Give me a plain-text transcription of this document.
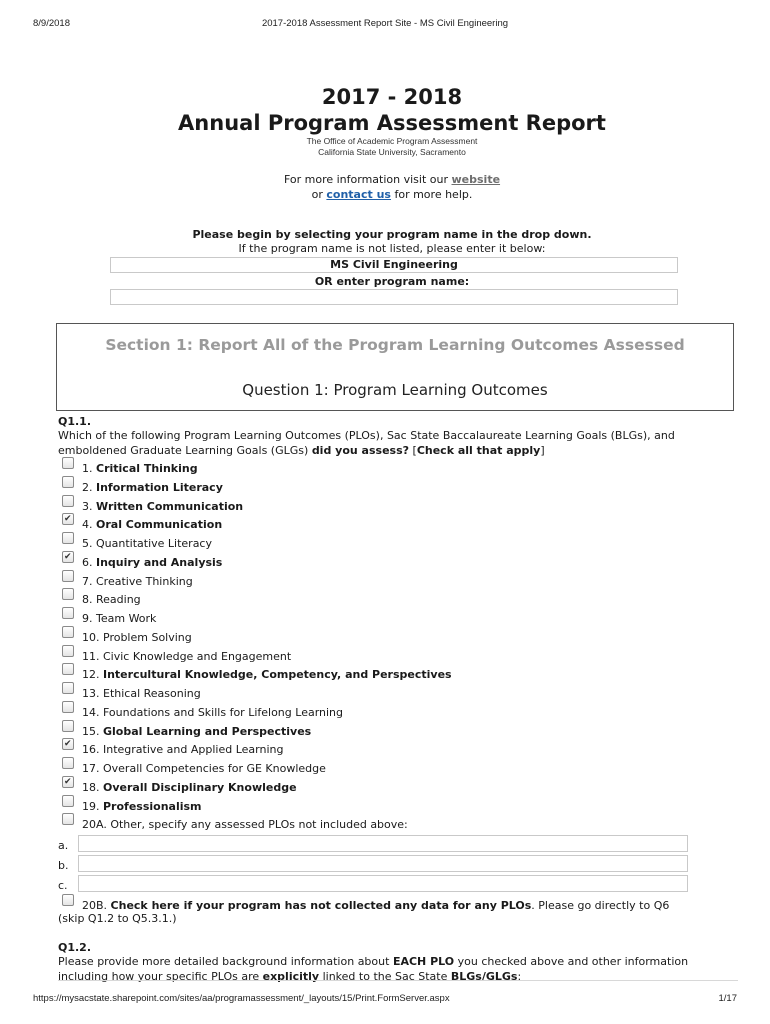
8/9/2018	2017-2018 Assessment Report Site - MS Civil Engineering
2017 - 2018
Annual Program Assessment Report
The Office of Academic Program Assessment
California State University, Sacramento
For more information visit our website
or contact us for more help.
Please begin by selecting your program name in the drop down.
If the program name is not listed, please enter it below:
MS Civil Engineering
OR enter program name:
Section 1: Report All of the Program Learning Outcomes Assessed
Question 1: Program Learning Outcomes
Q1.1.
Which of the following Program Learning Outcomes (PLOs), Sac State Baccalaureate Learning Goals (BLGs), and
emboldened Graduate Learning Goals (GLGs) did you assess? [Check all that apply]
1. Critical Thinking
2. Information Literacy
3. Written Communication
✔4. Oral Communication
5. Quantitative Literacy
✔6. Inquiry and Analysis
7. Creative Thinking
8. Reading
9. Team Work
10. Problem Solving
11. Civic Knowledge and Engagement
12. Intercultural Knowledge, Competency, and Perspectives
13. Ethical Reasoning
14. Foundations and Skills for Lifelong Learning
15. Global Learning and Perspectives
✔16. Integrative and Applied Learning
17. Overall Competencies for GE Knowledge
✔18. Overall Disciplinary Knowledge
19. Professionalism
20A. Other, specify any assessed PLOs not included above:
a.
b.
c.
20B. Check here if your program has not collected any data for any PLOs. Please go directly to Q6
(skip Q1.2 to Q5.3.1.)
Q1.2.
Please provide more detailed background information about EACH PLO you checked above and other information
including how your specific PLOs are explicitly linked to the Sac State BLGs/GLGs:
https://mysacstate.sharepoint.com/sites/aa/programassessment/_layouts/15/Print.FormServer.aspx	1/17
